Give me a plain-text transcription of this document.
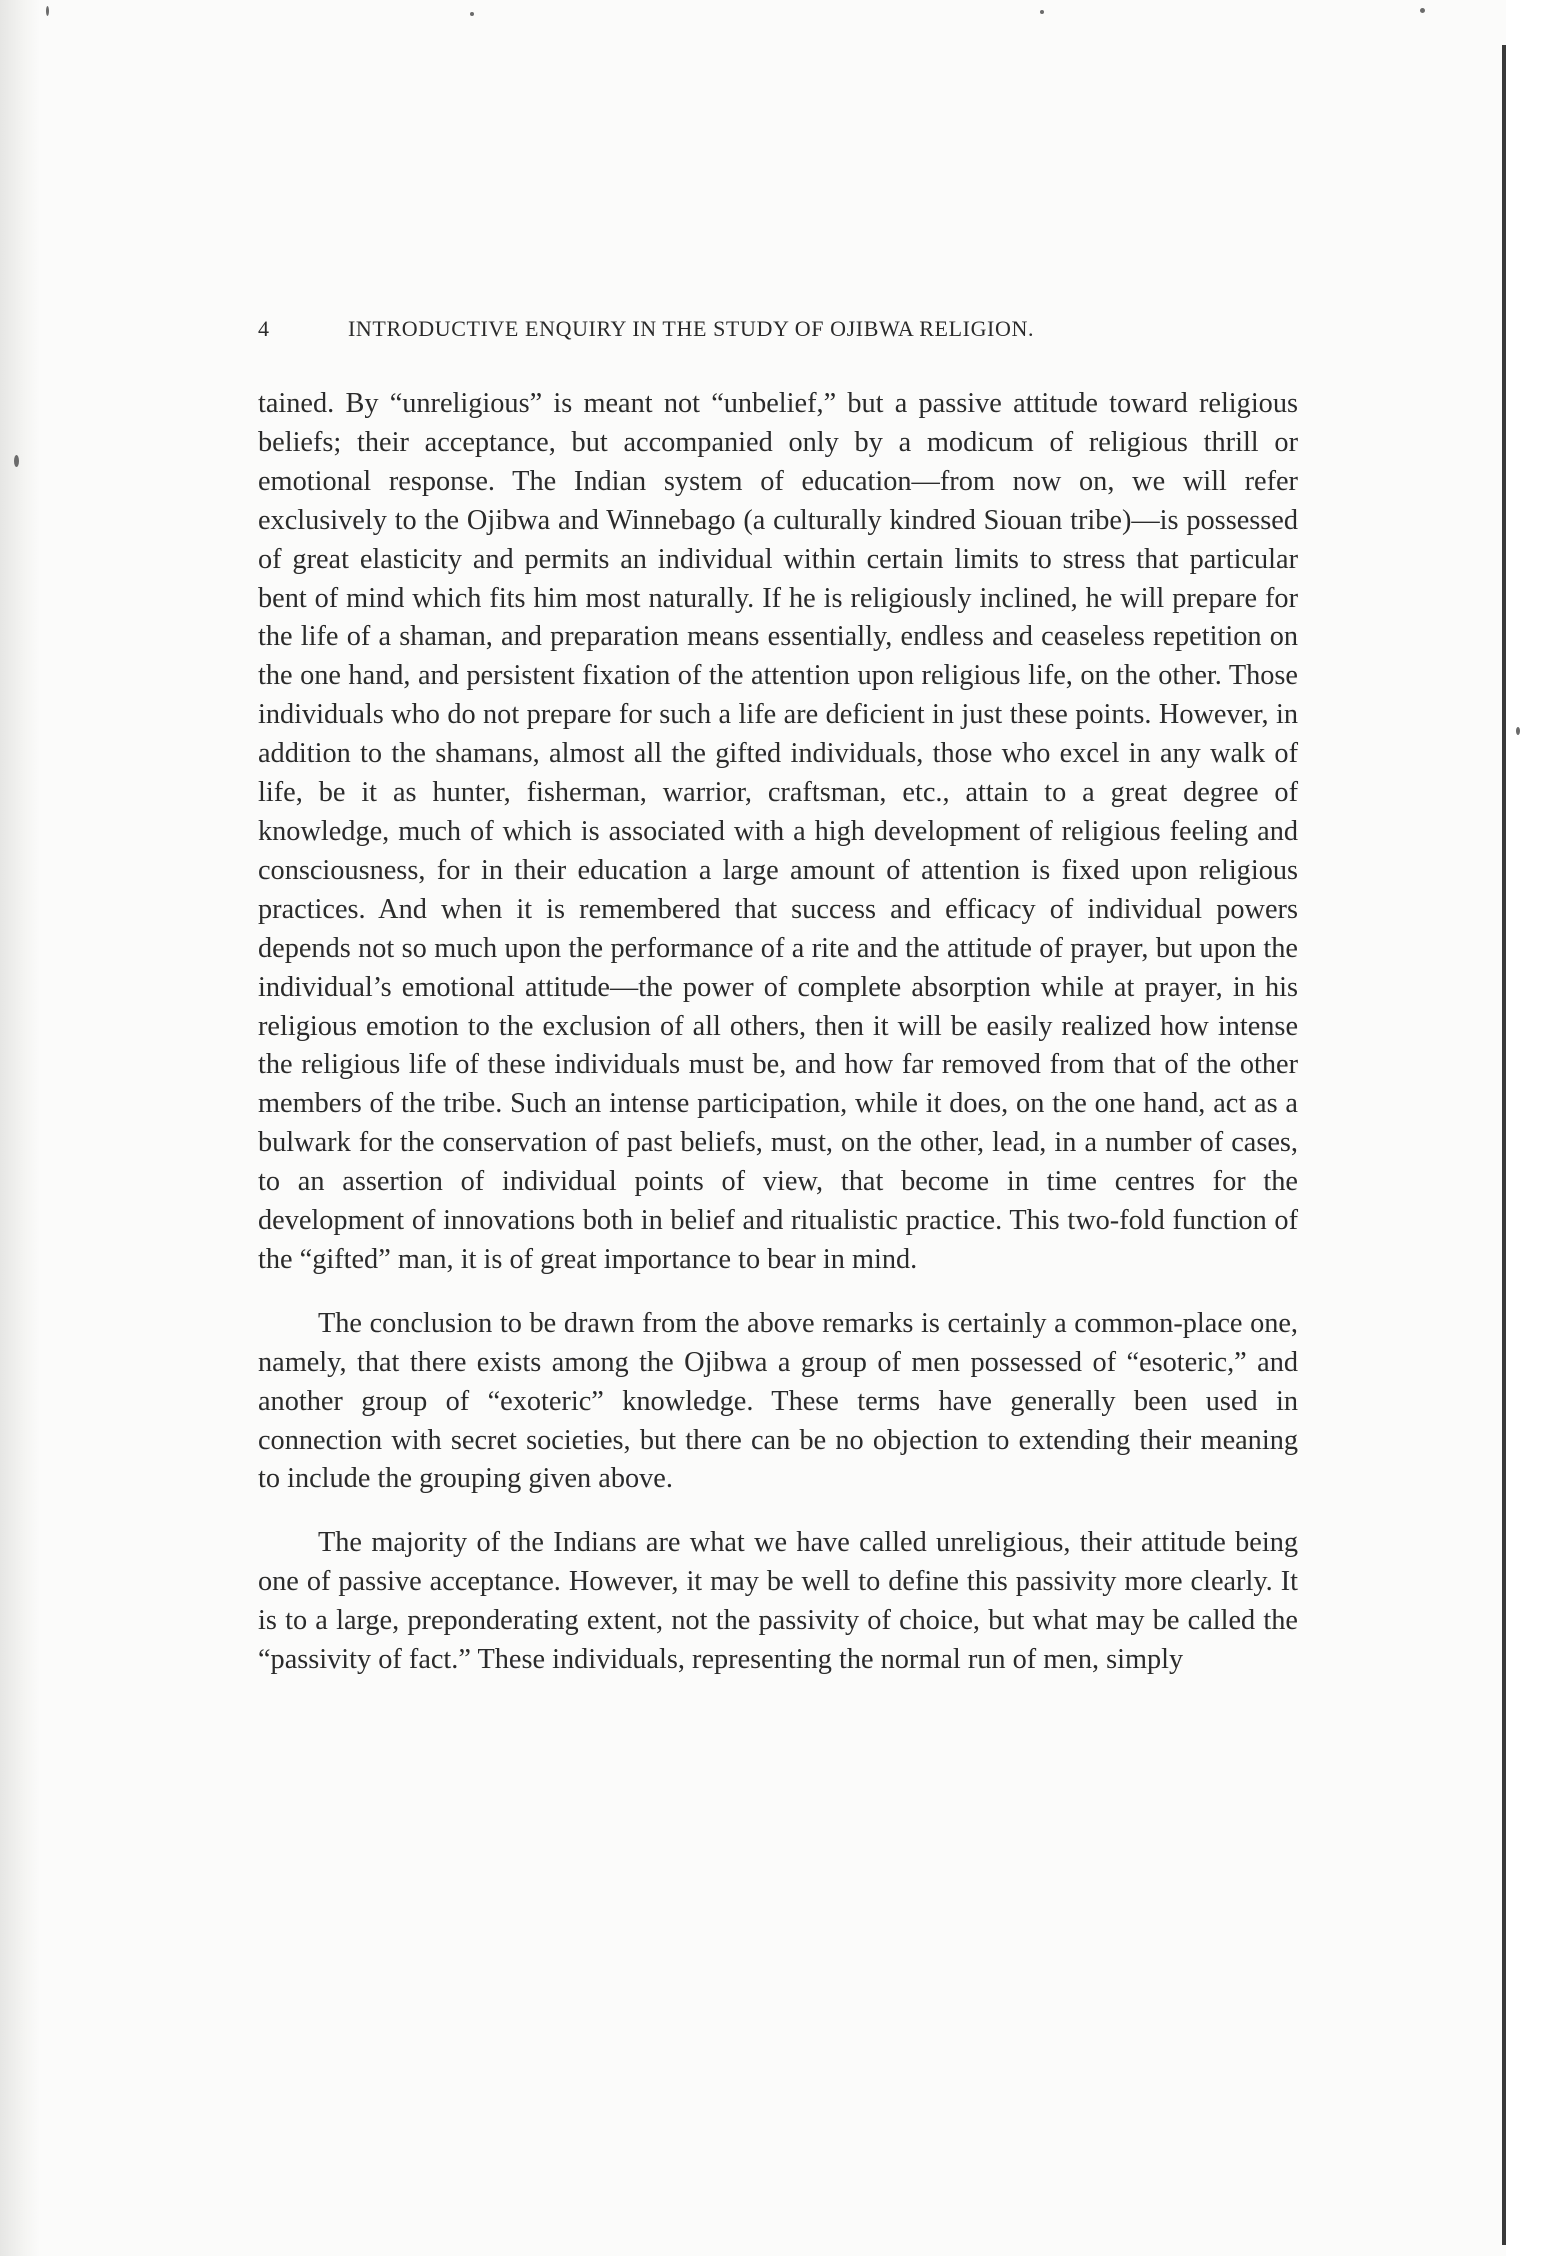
4	INTRODUCTIVE ENQUIRY IN THE STUDY OF OJIBWA RELIGION.

tained. By “unreligious” is meant not “unbelief,” but a passive attitude toward religious beliefs; their acceptance, but accompanied only by a modicum of religious thrill or emotional response. The Indian system of education—from now on, we will refer exclusively to the Ojibwa and Winnebago (a culturally kindred Siouan tribe)—is possessed of great elasticity and permits an individual within certain limits to stress that particular bent of mind which fits him most naturally. If he is religiously inclined, he will prepare for the life of a shaman, and preparation means essentially, endless and ceaseless repetition on the one hand, and persistent fixation of the attention upon religious life, on the other. Those individuals who do not prepare for such a life are deficient in just these points. However, in addition to the shamans, almost all the gifted individuals, those who excel in any walk of life, be it as hunter, fisherman, warrior, craftsman, etc., attain to a great degree of knowledge, much of which is associated with a high development of religious feeling and consciousness, for in their education a large amount of attention is fixed upon religious practices. And when it is remembered that success and efficacy of individual powers depends not so much upon the performance of a rite and the attitude of prayer, but upon the individual’s emotional attitude—the power of complete absorption while at prayer, in his religious emotion to the exclusion of all others, then it will be easily realized how intense the religious life of these individuals must be, and how far removed from that of the other members of the tribe. Such an intense participation, while it does, on the one hand, act as a bulwark for the conservation of past beliefs, must, on the other, lead, in a number of cases, to an assertion of individual points of view, that become in time centres for the development of innovations both in belief and ritualistic practice. This two-fold function of the “gifted” man, it is of great importance to bear in mind.

The conclusion to be drawn from the above remarks is certainly a common-place one, namely, that there exists among the Ojibwa a group of men possessed of “esoteric,” and another group of “exoteric” knowledge. These terms have generally been used in connection with secret societies, but there can be no objection to extending their meaning to include the grouping given above.

The majority of the Indians are what we have called unreligious, their attitude being one of passive acceptance. However, it may be well to define this passivity more clearly. It is to a large, preponderating extent, not the passivity of choice, but what may be called the “passivity of fact.” These individuals, representing the normal run of men, simply
